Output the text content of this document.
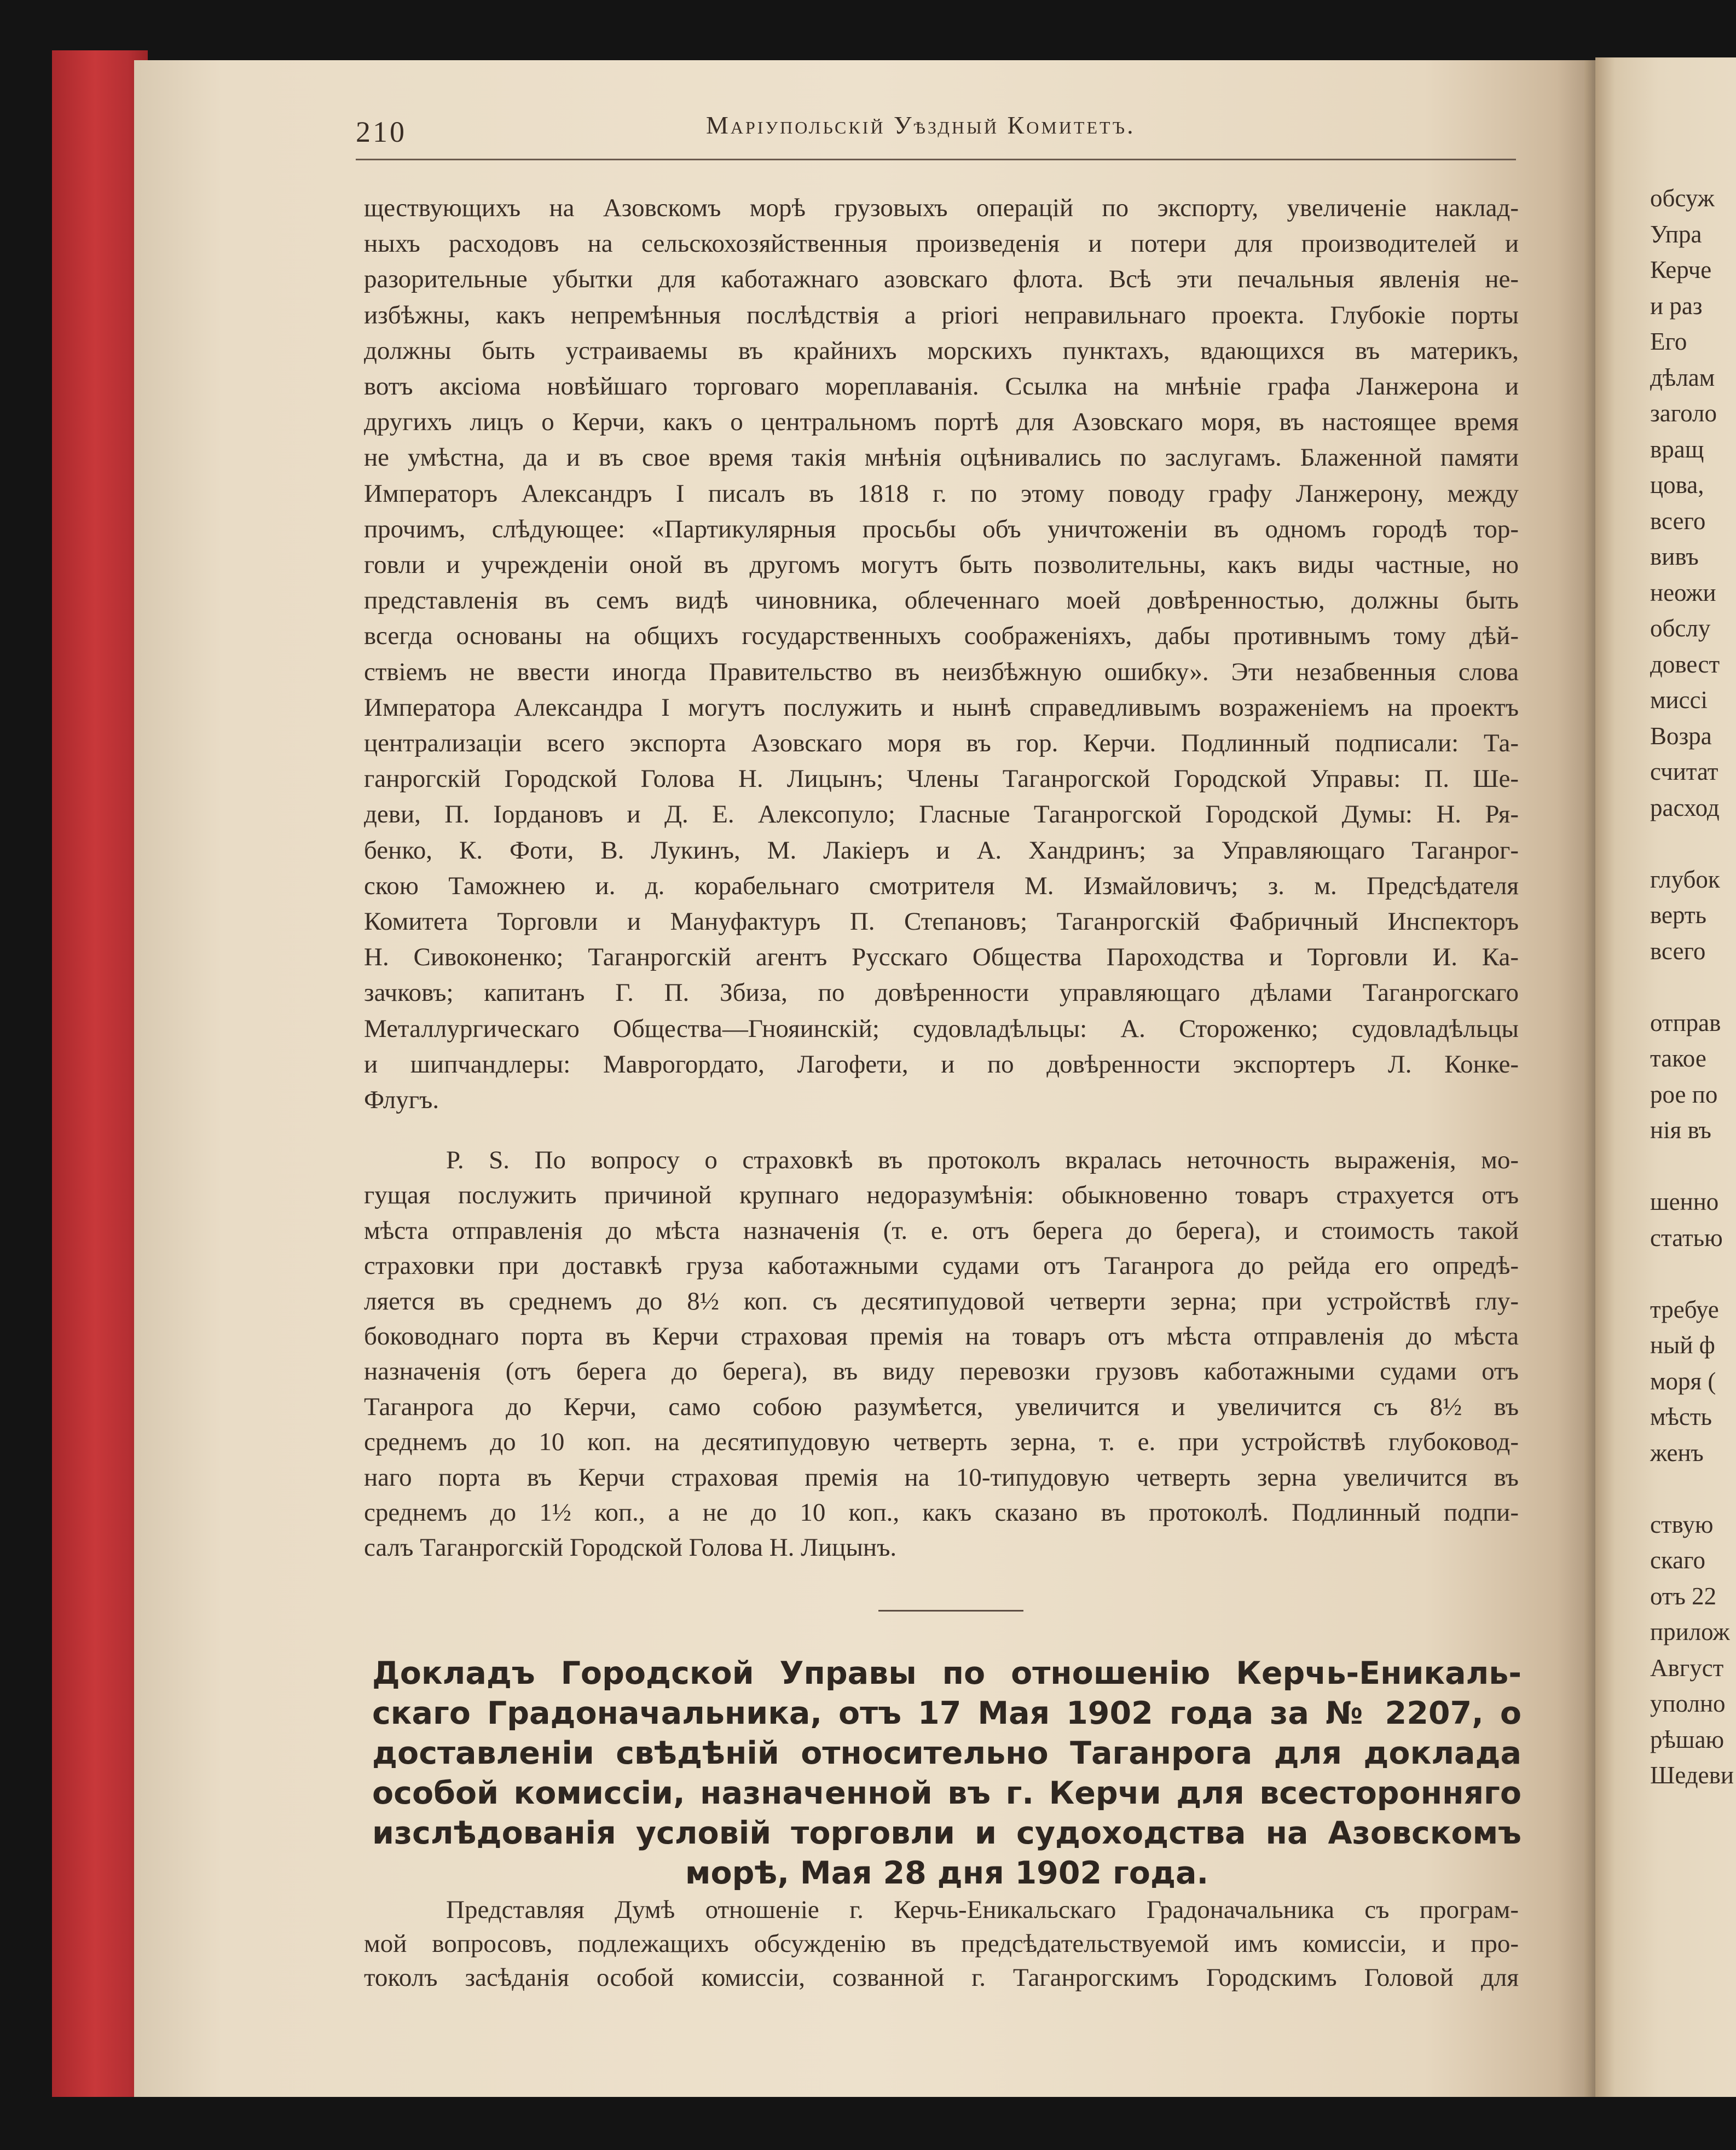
обсуж
Упра
Керче
и раз
Его
дѣлам
заголо
вращ
цова,
всего
вивъ
неожи
обслу
довест
миссі
Возра
считат
расход
глубок
верть
всего
отправ
такое
рое по
нія въ
шенно
статью
требуе
ный ф
моря (
мѣсть
женъ
ствую
скаго
отъ 22
прилож
Август
уполно
рѣшаю
Шедеви
210	Маріупольскій Уѣздный Комитетъ.
ществующихъ на Азовскомъ морѣ грузовыхъ операцій по экспорту, увеличеніе наклад-
ныхъ расходовъ на сельскохозяйственныя произведенія и потери для производителей и
разорительные убытки для каботажнаго азовскаго флота. Всѣ эти печальныя явленія не-
избѣжны, какъ непремѣнныя послѣдствія a priori неправильнаго проекта. Глубокіе порты
должны быть устраиваемы въ крайнихъ морскихъ пунктахъ, вдающихся въ материкъ,
вотъ аксіома новѣйшаго торговаго мореплаванія. Ссылка на мнѣніе графа Ланжерона и
другихъ лицъ о Керчи, какъ о центральномъ портѣ для Азовскаго моря, въ настоящее время
не умѣстна, да и въ свое время такія мнѣнія оцѣнивались по заслугамъ. Блаженной памяти
Императоръ Александръ I писалъ въ 1818 г. по этому поводу графу Ланжерону, между
прочимъ, слѣдующее: «Партикулярныя просьбы объ уничтоженіи въ одномъ городѣ тор-
говли и учрежденіи оной въ другомъ могутъ быть позволительны, какъ виды частные, но
представленія въ семъ видѣ чиновника, облеченнаго моей довѣренностью, должны быть
всегда основаны на общихъ государственныхъ соображеніяхъ, дабы противнымъ тому дѣй-
ствіемъ не ввести иногда Правительство въ неизбѣжную ошибку». Эти незабвенныя слова
Императора Александра I могутъ послужить и нынѣ справедливымъ возраженіемъ на проектъ
централизаціи всего экспорта Азовскаго моря въ гор. Керчи. Подлинный подписали: Та-
ганрогскій Городской Голова Н. Лицынъ; Члены Таганрогской Городской Управы: П. Ше-
деви, П. Іордановъ и Д. Е. Алексопуло; Гласные Таганрогской Городской Думы: Н. Ря-
бенко, К. Фоти, В. Лукинъ, М. Лакіеръ и А. Хандринъ; за Управляющаго Таганрог-
скою Таможнею и. д. корабельнаго смотрителя М. Измайловичъ; з. м. Предсѣдателя
Комитета Торговли и Мануфактуръ П. Степановъ; Таганрогскій Фабричный Инспекторъ
Н. Сивоконенко; Таганрогскій агентъ Русскаго Общества Пароходства и Торговли И. Ка-
зачковъ; капитанъ Г. П. Збиза, по довѣренности управляющаго дѣлами Таганрогскаго
Металлургическаго Общества—Гнояинскій; судовладѣльцы: А. Стороженко; судовладѣльцы
и шипчандлеры: Маврогордато, Лагофети, и по довѣренности экспортеръ Л. Конке-
Флугъ.
P. S. По вопросу о страховкѣ въ протоколъ вкралась неточность выраженія, мо-
гущая послужить причиной крупнаго недоразумѣнія: обыкновенно товаръ страхуется отъ
мѣста отправленія до мѣста назначенія (т. е. отъ берега до берега), и стоимость такой
страховки при доставкѣ груза каботажными судами отъ Таганрога до рейда его опредѣ-
ляется въ среднемъ до 8½ коп. съ десятипудовой четверти зерна; при устройствѣ глу-
боководнаго порта въ Керчи страховая премія на товаръ отъ мѣста отправленія до мѣста
назначенія (отъ берега до берега), въ виду перевозки грузовъ каботажными судами отъ
Таганрога до Керчи, само собою разумѣется, увеличится и увеличится съ 8½ въ
среднемъ до 10 коп. на десятипудовую четверть зерна, т. е. при устройствѣ глубоковод-
наго порта въ Керчи страховая премія на 10-типудовую четверть зерна увеличится въ
среднемъ до 1½ коп., а не до 10 коп., какъ сказано въ протоколѣ. Подлинный подпи-
салъ Таганрогскій Городской Голова Н. Лицынъ.
Докладъ Городской Управы по отношенію Керчь-Еникаль-
скаго Градоначальника, отъ 17 Мая 1902 года за № 2207, о
доставленіи свѣдѣній относительно Таганрога для доклада
особой комиссіи, назначенной въ г. Керчи для всесторонняго
изслѣдованія условій торговли и судоходства на Азовскомъ
морѣ, Мая 28 дня 1902 года.
Представляя Думѣ отношеніе г. Керчь-Еникальскаго Градоначальника съ програм-
мой вопросовъ, подлежащихъ обсужденію въ предсѣдательствуемой имъ комиссіи, и про-
токолъ засѣданія особой комиссіи, созванной г. Таганрогскимъ Городскимъ Головой для
